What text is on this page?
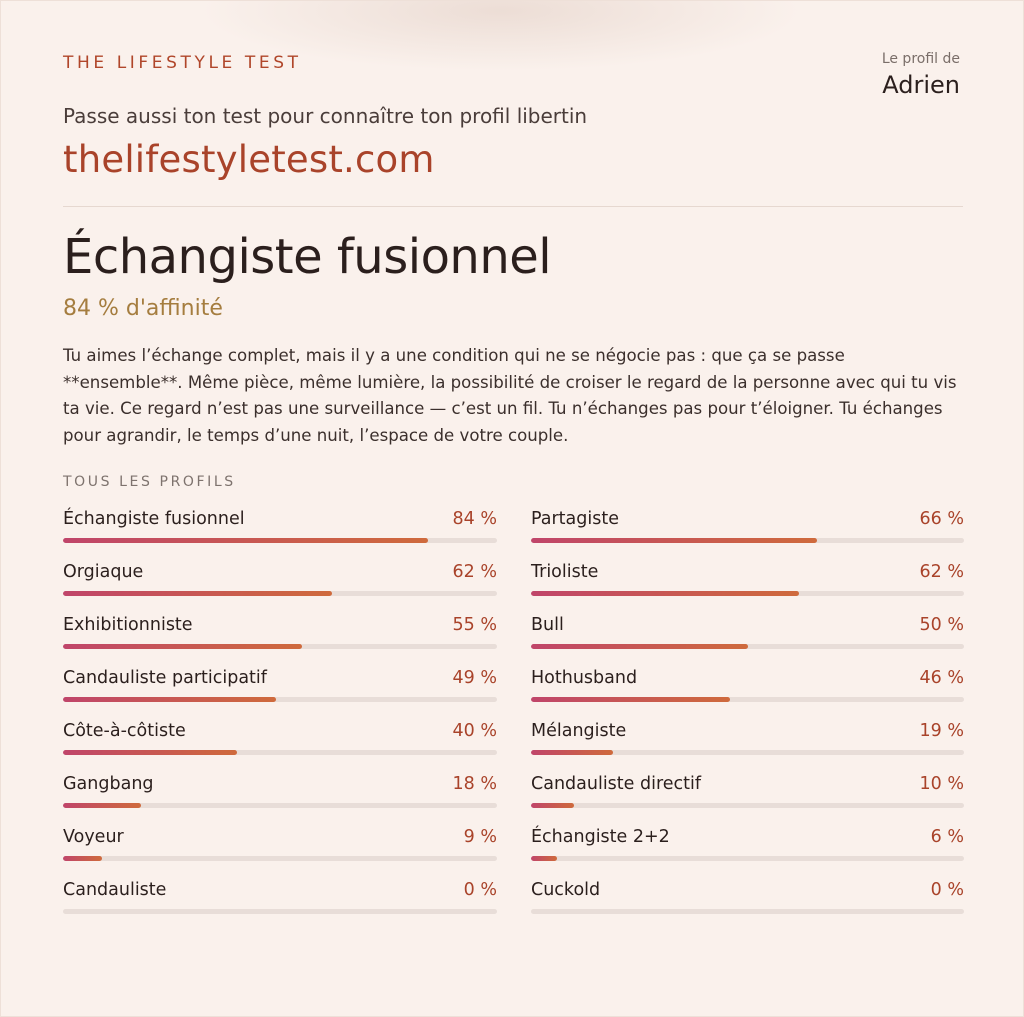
THE LIFESTYLE TEST	Le profil de
Adrien
Passe aussi ton test pour connaître ton profil libertin
thelifestyletest.com
Échangiste fusionnel
84 % d'affinité
Tu aimes l’échange complet, mais il y a une condition qui ne se négocie pas : que ça se passe **ensemble**. Même pièce, même lumière, la possibilité de croiser le regard de la personne avec qui tu vis ta vie. Ce regard n’est pas une surveillance — c’est un fil. Tu n’échanges pas pour t’éloigner. Tu échanges pour agrandir, le temps d’une nuit, l’espace de votre couple.
TOUS LES PROFILS
Échangiste fusionnel	84 %
Orgiaque	62 %
Exhibitionniste	55 %
Candauliste participatif	49 %
Côte-à-côtiste	40 %
Gangbang	18 %
Voyeur	9 %
Candauliste	0 %
Partagiste	66 %
Trioliste	62 %
Bull	50 %
Hothusband	46 %
Mélangiste	19 %
Candauliste directif	10 %
Échangiste 2+2	6 %
Cuckold	0 %
